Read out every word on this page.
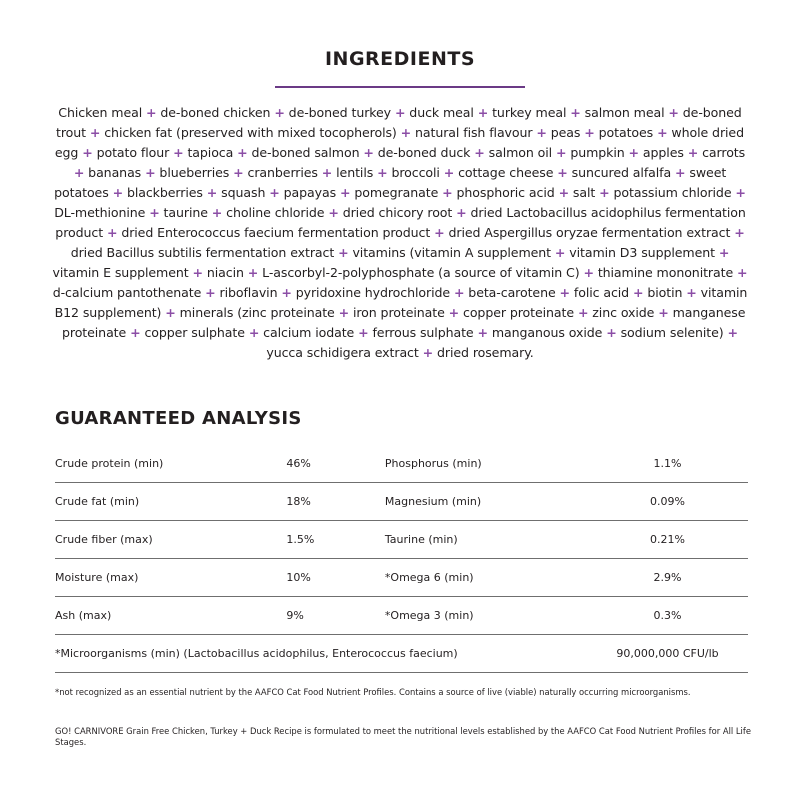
INGREDIENTS

Chicken meal + de-boned chicken + de-boned turkey + duck meal + turkey meal + salmon meal + de-boned trout + chicken fat (preserved with mixed tocopherols) + natural fish flavour + peas + potatoes + whole dried egg + potato flour + tapioca + de-boned salmon + de-boned duck + salmon oil + pumpkin + apples + carrots + bananas + blueberries + cranberries + lentils + broccoli + cottage cheese + suncured alfalfa + sweet potatoes + blackberries + squash + papayas + pomegranate + phosphoric acid + salt + potassium chloride + DL-methionine + taurine + choline chloride + dried chicory root + dried Lactobacillus acidophilus fermentation product + dried Enterococcus faecium fermentation product + dried Aspergillus oryzae fermentation extract + dried Bacillus subtilis fermentation extract + vitamins (vitamin A supplement + vitamin D3 supplement + vitamin E supplement + niacin + L-ascorbyl-2-polyphosphate (a source of vitamin C) + thiamine mononitrate + d-calcium pantothenate + riboflavin + pyridoxine hydrochloride + beta-carotene + folic acid + biotin + vitamin B12 supplement) + minerals (zinc proteinate + iron proteinate + copper proteinate + zinc oxide + manganese proteinate + copper sulphate + calcium iodate + ferrous sulphate + manganous oxide + sodium selenite) + yucca schidigera extract + dried rosemary.

GUARANTEED ANALYSIS
Crude protein (min)	46%	Phosphorus (min)	1.1%
Crude fat (min)	18%	Magnesium (min)	0.09%
Crude fiber (max)	1.5%	Taurine (min)	0.21%
Moisture (max)	10%	*Omega 6 (min)	2.9%
Ash (max)	9%	*Omega 3 (min)	0.3%
*Microorganisms (min) (Lactobacillus acidophilus, Enterococcus faecium)			90,000,000 CFU/lb

*not recognized as an essential nutrient by the AAFCO Cat Food Nutrient Profiles. Contains a source of live (viable) naturally occurring microorganisms.

GO! CARNIVORE Grain Free Chicken, Turkey + Duck Recipe is formulated to meet the nutritional levels established by the AAFCO Cat Food Nutrient Profiles for All Life Stages.
